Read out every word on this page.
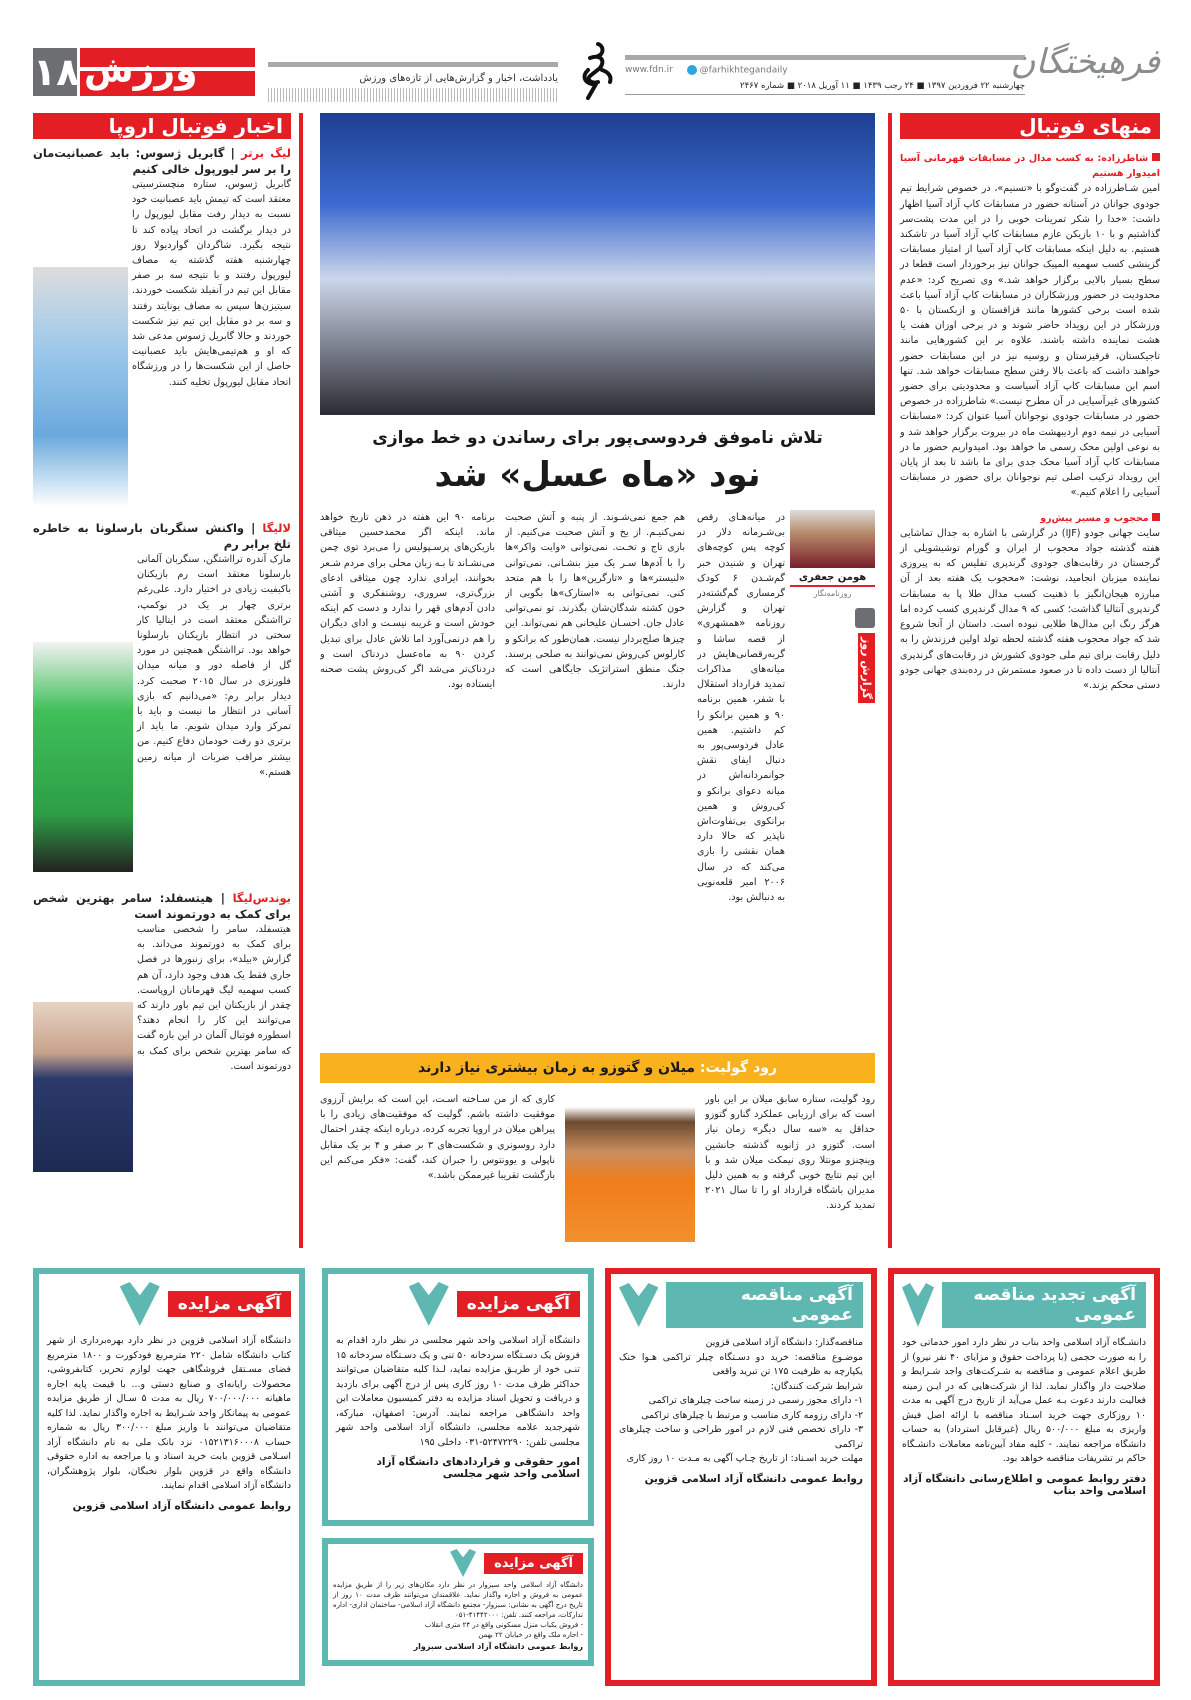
۱۸ ورزش	یادداشت، اخبار و گزارش‌هایی از تازه‌های ورزش
www.fdn.ir	@farhikhtegandaily
چهارشنبه ۲۲ فروردین ۱۳۹۷ ■ ۲۴ رجب ۱۴۳۹ ■ ۱۱ آوریل ۲۰۱۸ ■ شماره ۲۴۶۷
فرهیختگان
منهای فوتبال
شاطرزاده: به کسب مدال در مسابقات قهرمانی آسیا امیدوار هستیم

امین شـاطرزاده در گفت‌وگو با «تسنیم»، در خصوص شرایط تیم جودوی جوانان در آستانه حضور در مسابقات کاپ آزاد آسیا اظهار داشت: «خدا را شکر تمرینات خوبی را در این مدت پشت‌سر گذاشتیم و با ۱۰ بازیکن عازم مسابقات کاپ آزاد آسیا در تاشکند هستیم. به دلیل اینکه مسابقات کاپ آزاد آسیا از امتیاز مسابقات گزینشی کسب سهمیه المپیک جوانان نیز برخوردار است قطعا در سطح بسیار بالایی برگزار خواهد شد.» وی تصریح کرد: «عدم محدودیت در حضور ورزشکاران در مسابقات کاپ آزاد آسیا باعث شده است برخی کشورها مانند قزاقستان و ازبکستان با ۵۰ ورزشکار در این رویداد حاضر شوند و در برخی اوزان هفت یا هشت نماینده داشته باشند. علاوه بر این کشورهایی مانند تاجیکستان، قرقیزستان و روسیه نیز در این مسابقات حضور خواهند داشت که باعث بالا رفتن سطح مسابقات خواهد شد. تنها اسم این مسابقات کاپ آزاد آسیاست و محدودیتی برای حضور کشورهای غیرآسیایی در آن مطرح نیست.» شاطرزاده در خصوص حضور در مسابقات جودوی نوجوانان آسیا عنوان کرد: «مسابقات آسیایی در نیمه دوم اردیبهشت ماه در بیروت برگزار خواهد شد و به نوعی اولین محک رسمی ما خواهد بود. امیدواریم حضور ما در مسابقات کاپ آزاد آسیا محک جدی برای ما باشد تا بعد از پایان این رویداد ترکیب اصلی تیم نوجوانان برای حضور در مسابقات آسیایی را اعلام کنیم.»

محجوب و مسیر پیش‌رو

سایت جهانی جودو (IJF) در گزارشی با اشاره به جدال تماشایی هفته گذشته جواد محجوب از ایران و گورام توشیشویلی از گرجستان در رقابت‌های جودوی گرندپری تفلیس که به پیروزی نماینده میزبان انجامید، نوشت: «محجوب یک هفته بعد از آن مبارزه هیجان‌انگیز با ذهنیت کسب مدال طلا پا به مسابقات گرندپری آنتالیا گذاشت؛ کسی که ۹ مدال گرندپری کسب کرده اما هرگز رنگ این مدال‌ها طلایی نبوده است. داستان از آنجا شروع شد که جواد محجوب هفته گذشته لحظه تولد اولین فرزندش را به دلیل رقابت برای تیم ملی جودوی کشورش در رقابت‌های گرندپری آنتالیا از دست داده تا در صعود مستمرش در رده‌بندی جهانی جودو دستی محکم بزند.»

اخبار فوتبال اروپا
لیگ برتر | گابریل ژسوس: باید عصبانیت‌مان را بر سر لیورپول خالی کنیم

گابریل ژسوس، ستاره منچسترسیتی معتقد است که تیمش باید عصبانیت خود نسبت به دیدار رفت مقابل لیورپول را در دیدار برگشت در اتحاد پیاده کند تا نتیجه بگیرد. شاگردان گواردیولا روز چهارشنبه هفته گذشته به مصاف لیورپول رفتند و با نتیجه سه بر صفر مقابل این تیم در آنفیلد شکست خوردند. سیتیزن‌ها سپس به مصاف یونایتد رفتند و سه بر دو مقابل این تیم نیز شکست خوردند و حالا گابریل ژسوس مدعی شد که او و هم‌تیمی‌هایش باید عصبانیت حاصل از این شکست‌ها را در ورزشگاه اتحاد مقابل لیورپول تخلیه کنند.

لالیگا | واکنش سنگربان بارسلونا به خاطره تلخ برابر رم

مارک آندره ترااشتگن، سنگربان آلمانی بارسلونا معتقد است رم بازیکنان باکیفیت زیادی در اختیار دارد. علی‌رغم برتری چهار بر یک در نوکمپ، ترااشتگن معتقد است در ایتالیا کار سختی در انتظار بازیکنان بارسلونا خواهد بود. ترااشتگن همچنین در مورد گل از فاصله دور و میانه میدان فلورنزی در سال ۲۰۱۵ صحبت کرد. دیدار برابر رم: «می‌دانیم که بازی آسانی در انتظار ما نیست و باید با تمرکز وارد میدان شویم. ما باید از برتری دو رفت خودمان دفاع کنیم. من بیشتر مراقب ضربات از میانه زمین هستم.»

بوندس‌لیگا | هیتسفلد: سامر بهترین شخص برای کمک به دورتموند است

هیتسفلد، سامر را شخصی مناسب برای کمک به دورتموند می‌داند. به گزارش «بیلد»، برای زنبورها در فصل جاری فقط یک هدف وجود دارد، آن هم کسب سهمیه لیگ قهرمانان اروپاست. چقدر از بازیکنان این تیم باور دارند که می‌توانند این کار را انجام دهند؟ اسطوره فوتبال آلمان در این باره گفت که سامر بهترین شخص برای کمک به دورتموند است.

تلاش ناموفق فردوسی‌پور برای رساندن دو خط موازی
نود «ماه عسل» شد
هومن جعفری
روزنامه‌نگار
گزارش روز
در میانه‌هـای رقص بی‌شـرمانه دلار در کوچه پس کوچه‌های تهران و شنیدن خبر گم‌شـدن ۶ کودک گرمساری گم‌گشته‌در تهران و گزارش روزنامه «همشهری» از قصه ساشا و گربه‌رقصانی‌هایش در میانه‌های مذاکرات تمدید قرارداد استقلال با شفر، همین برنامه ۹۰ و همین برانکو را کم داشتیم. همین عادل فردوسی‌پور به دنبال ایفای نقش جوانمردانه‌اش در میانه دعوای برانکو و کی‌روش و همین برانکوی بی‌تفاوت‌اش ناپذیر که حالا دارد همان نقشی را بازی می‌کند که در سال ۲۰۰۶ امیر قلعه‌نویی به دنبالش بود.
هم جمع نمی‌شـوند. از پنبه و آتش صحبت نمی‌کنیـم. از یخ و آتش صحبت می‌کنیم. از بازی تاج و تخـت. نمی‌توانی «وایت واکر»ها را با آدم‌ها سـر یک میز بنشـانی. نمی‌توانی «لنیستر»ها و «تارگرین»ها را با هم متحد کنی. نمی‌توانی به «استارک»ها بگویی از خون کشته شدگان‌شان بگذرند. تو نمی‌توانی عادل جان. احسـان علیخانی هم نمی‌تواند. این چیزها صلح‌بردار نیست. همان‌طور که برانکو و کارلوس کی‌روش نمی‌توانند به صلحی برسند. جنگ منطق استراتژیک جایگاهی است که دارند.
برنامه ۹۰ این هفته در ذهن تاریخ خواهد ماند. اینکه اگر محمدحسین میثاقی بازیکن‌های پرسـپولیس را می‌برد توی چمن می‌نشـاند تا بـه زبان محلی برای مردم شـعر بخوانند، ایرادی ندارد چون میثاقی ادعای بزرگ‌تری، سروری، روشنفکری و آشتی دادن آدم‌های قهر را ندارد و دست کم اینکه خودش است و غریبه نیسـت و ادای دیگران را هم درنمی‌آورد اما تلاش عادل برای تبدیل کردن ۹۰ به ماه‌عسل دردناک است و دردناک‌تر می‌شد اگر کی‌روش پشت صحنه ایستاده بود.
رود گولیت: میلان و گتوزو به زمان بیشتری نیاز دارند
رود گولیت، ستاره سابق میلان بر این باور است که برای ارزیابی عملکرد گنارو گتوزو حداقل به «سه سال دیگر» زمان نیاز است. گتوزو در ژانویه گذشته جانشین وینچنزو مونتلا روی نیمکت میلان شد و با این تیم نتایج خوبی گرفته و به همین دلیل مدیران باشگاه قرارداد او را تا سال ۲۰۲۱ تمدید کردند.
کاری که از من سـاخته اسـت، این است که برایش آرزوی موفقیت داشته باشم. گولیت که موفقیت‌های زیادی را با پیراهن میلان در اروپا تجربه کرده، درباره اینکه چقدر احتمال دارد روسونری و شکست‌های ۳ بر صفر و ۴ بر یک مقابل ناپولی و یوونتوس را جبران کند، گفت: «فکر می‌کنم این بازگشت تقریبا غیرممکن باشد.»
آگهی تجدید مناقصه عمومی

دانشـگاه آزاد اسلامی واحد بناب در نظر دارد امور خدماتی خود را به صورت حجمی (با پرداخت حقوق و مزایای ۴۰ نفر نیرو) از طریق اعلام عمومی و مناقصه به شـرکت‌های واجد شـرایط و صلاحیت دار واگذار نماید. لذا از شرکت‌هایی که در ایـن زمینه فعالیت دارند دعوت بـه عمل می‌آید از تاریخ درج آگهی به مدت ۱۰ روزکاری جهت خرید اسـناد مناقصه با ارائه اصل فیش واریزی به مبلغ ۵۰۰/۰۰۰ ریال (غیرقابل استرداد) به حساب دانشگاه مراجعه نمایند. - کلیه مفاد آیین‌نامه معاملات دانشـگاه حاکم بر تشریفات مناقصه خواهد بود.

دفتر روابط عمومی و اطلاع‌رسانی دانشگاه آزاد اسلامی واحد بناب

آگهی مناقصه عمومی

مناقصه‌گذار: دانشگاه آزاد اسلامی قزوین
موضـوع مناقصه: خرید دو دسـتگاه چیلر تراکمی هـوا خنک یکپارچه به ظرفیت ۱۷۵ تن تبرید واقعی
شرایط شرکت کنندگان:
۱- دارای مجوز رسمی در زمینه ساخت چیلرهای تراکمی
۲- دارای رزومه کاری مناسب و مرتبط با چیلرهای تراکمی
۳- دارای تخصص فنی لازم در امور طراحی و ساخت چیلرهای تراکمی
مهلت خرید اسـناد: از تاریخ چـاپ آگهی به مـدت ۱۰ روز کاری

روابط عمومی دانشگاه آزاد اسلامی قزوین

آگهی مزایده

دانشگاه آزاد اسلامی واحد شهر مجلسی در نظر دارد اقدام به فروش یک دسـتگاه سردخانه ۵۰ تنی و یک دسـتگاه سردخانه ۱۵ تنـی خود از طریـق مزایده نماید، لـذا کلیه متقاضیان می‌توانند حداکثر ظرف مدت ۱۰ روز کاری پس از درج آگهی برای بازدید و دریافت و تحویل اسناد مزایده به دفتر کمیسیون معاملات این واحد دانشگاهی مراجعه نمایند. آدرس: اصفهان، مبارکه، شهرجدید علامه مجلسی، دانشگاه آزاد اسلامی واحد شهر مجلسی تلفن: ۵۲۴۷۲۲۹۰-۰۳۱ داخلی ۱۹۵

امور حقوقی و قراردادهای دانشگاه آزاد اسلامی واحد شهر مجلسی

آگهی مزایده

دانشگاه آزاد اسلامی واحد سبزوار در نظر دارد مکان‌های زیر را از طریق مزایده عمومی به فروش و اجاره واگذار نماید. علاقمندان می‌توانند ظرف مدت ۱۰ روز از تاریخ درج آگهی به نشانی: سبزوار- مجتمع دانشگاه آزاد اسلامی- ساختمان اداری- اداره تدارکات، مراجعه کنند. تلفن: ۴۱۴۴۲۰۰۰-۰۵۱
- فروش یکباب منزل مسکونی واقع در ۲۴ متری انقلاب
- اجاره ملک واقع در خیابان ۲۲ بهمن

روابط عمومی دانشگاه آزاد اسلامی سبزوار

آگهی مزایده

دانشگاه آزاد اسلامی قزوین در نظر دارد بهره‌برداری از شهر کتاب دانشگاه شامل ۲۲۰ مترمربع فودکورت و ۱۸۰۰ مترمربع فضای مسـتقل فروشگاهی جهت لوازم تحریر، کتابفروشی، محصولات رایانه‌ای و صنایع دستی و... با قیمت پایه اجاره ماهیانه ۷۰۰/۰۰۰/۰۰۰ ریال به مدت ۵ سـال از طریق مزایده عمومی به پیمانکار واجد شـرایط به اجاره واگذار نماید. لذا کلیه متقاضیان می‌توانند با واریز مبلغ ۳۰۰/۰۰۰ ریال به شماره حساب ۰۱۵۲۱۳۱۶۰۰۰۸ نزد بانک ملی به نام دانشگاه آزاد اسـلامی قزوین بابت خرید اسناد و یا مراجعه به اداره حقوقی دانشگاه واقع در قزوین بلوار نخبگان، بلوار پژوهشگران، دانشگاه آزاد اسلامی اقدام نمایند.

روابط عمومی دانشگاه آزاد اسلامی قزوین
